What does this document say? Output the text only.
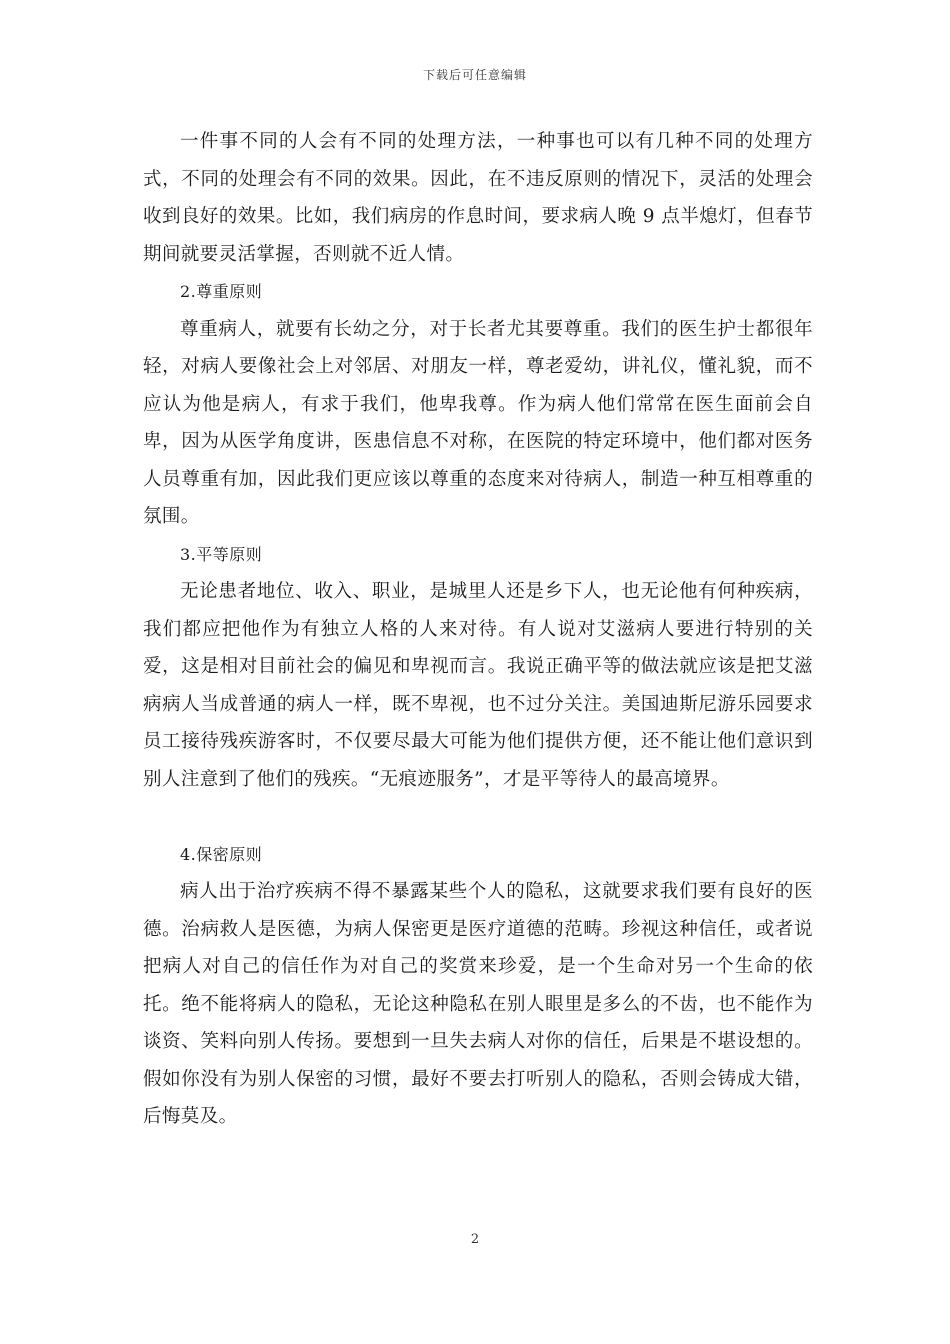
下载后可任意编辑

一件事不同的人会有不同的处理方法，一种事也可以有几种不同的处理方式，不同的处理会有不同的效果。因此，在不违反原则的情况下，灵活的处理会收到良好的效果。比如，我们病房的作息时间，要求病人晚 9 点半熄灯，但春节期间就要灵活掌握，否则就不近人情。

2.尊重原则

尊重病人，就要有长幼之分，对于长者尤其要尊重。我们的医生护士都很年轻，对病人要像社会上对邻居、对朋友一样，尊老爱幼，讲礼仪，懂礼貌，而不应认为他是病人，有求于我们，他卑我尊。作为病人他们常常在医生面前会自卑，因为从医学角度讲，医患信息不对称，在医院的特定环境中，他们都对医务人员尊重有加，因此我们更应该以尊重的态度来对待病人，制造一种互相尊重的氛围。

3.平等原则

无论患者地位、收入、职业，是城里人还是乡下人，也无论他有何种疾病，我们都应把他作为有独立人格的人来对待。有人说对艾滋病人要进行特别的关爱，这是相对目前社会的偏见和卑视而言。我说正确平等的做法就应该是把艾滋病病人当成普通的病人一样，既不卑视，也不过分关注。美国迪斯尼游乐园要求员工接待残疾游客时，不仅要尽最大可能为他们提供方便，还不能让他们意识到别人注意到了他们的残疾。“无痕迹服务”，才是平等待人的最高境界。

4.保密原则

病人出于治疗疾病不得不暴露某些个人的隐私，这就要求我们要有良好的医德。治病救人是医德，为病人保密更是医疗道德的范畴。珍视这种信任，或者说把病人对自己的信任作为对自己的奖赏来珍爱，是一个生命对另一个生命的依托。绝不能将病人的隐私，无论这种隐私在别人眼里是多么的不齿，也不能作为谈资、笑料向别人传扬。要想到一旦失去病人对你的信任，后果是不堪设想的。假如你没有为别人保密的习惯，最好不要去打听别人的隐私，否则会铸成大错，后悔莫及。

2
